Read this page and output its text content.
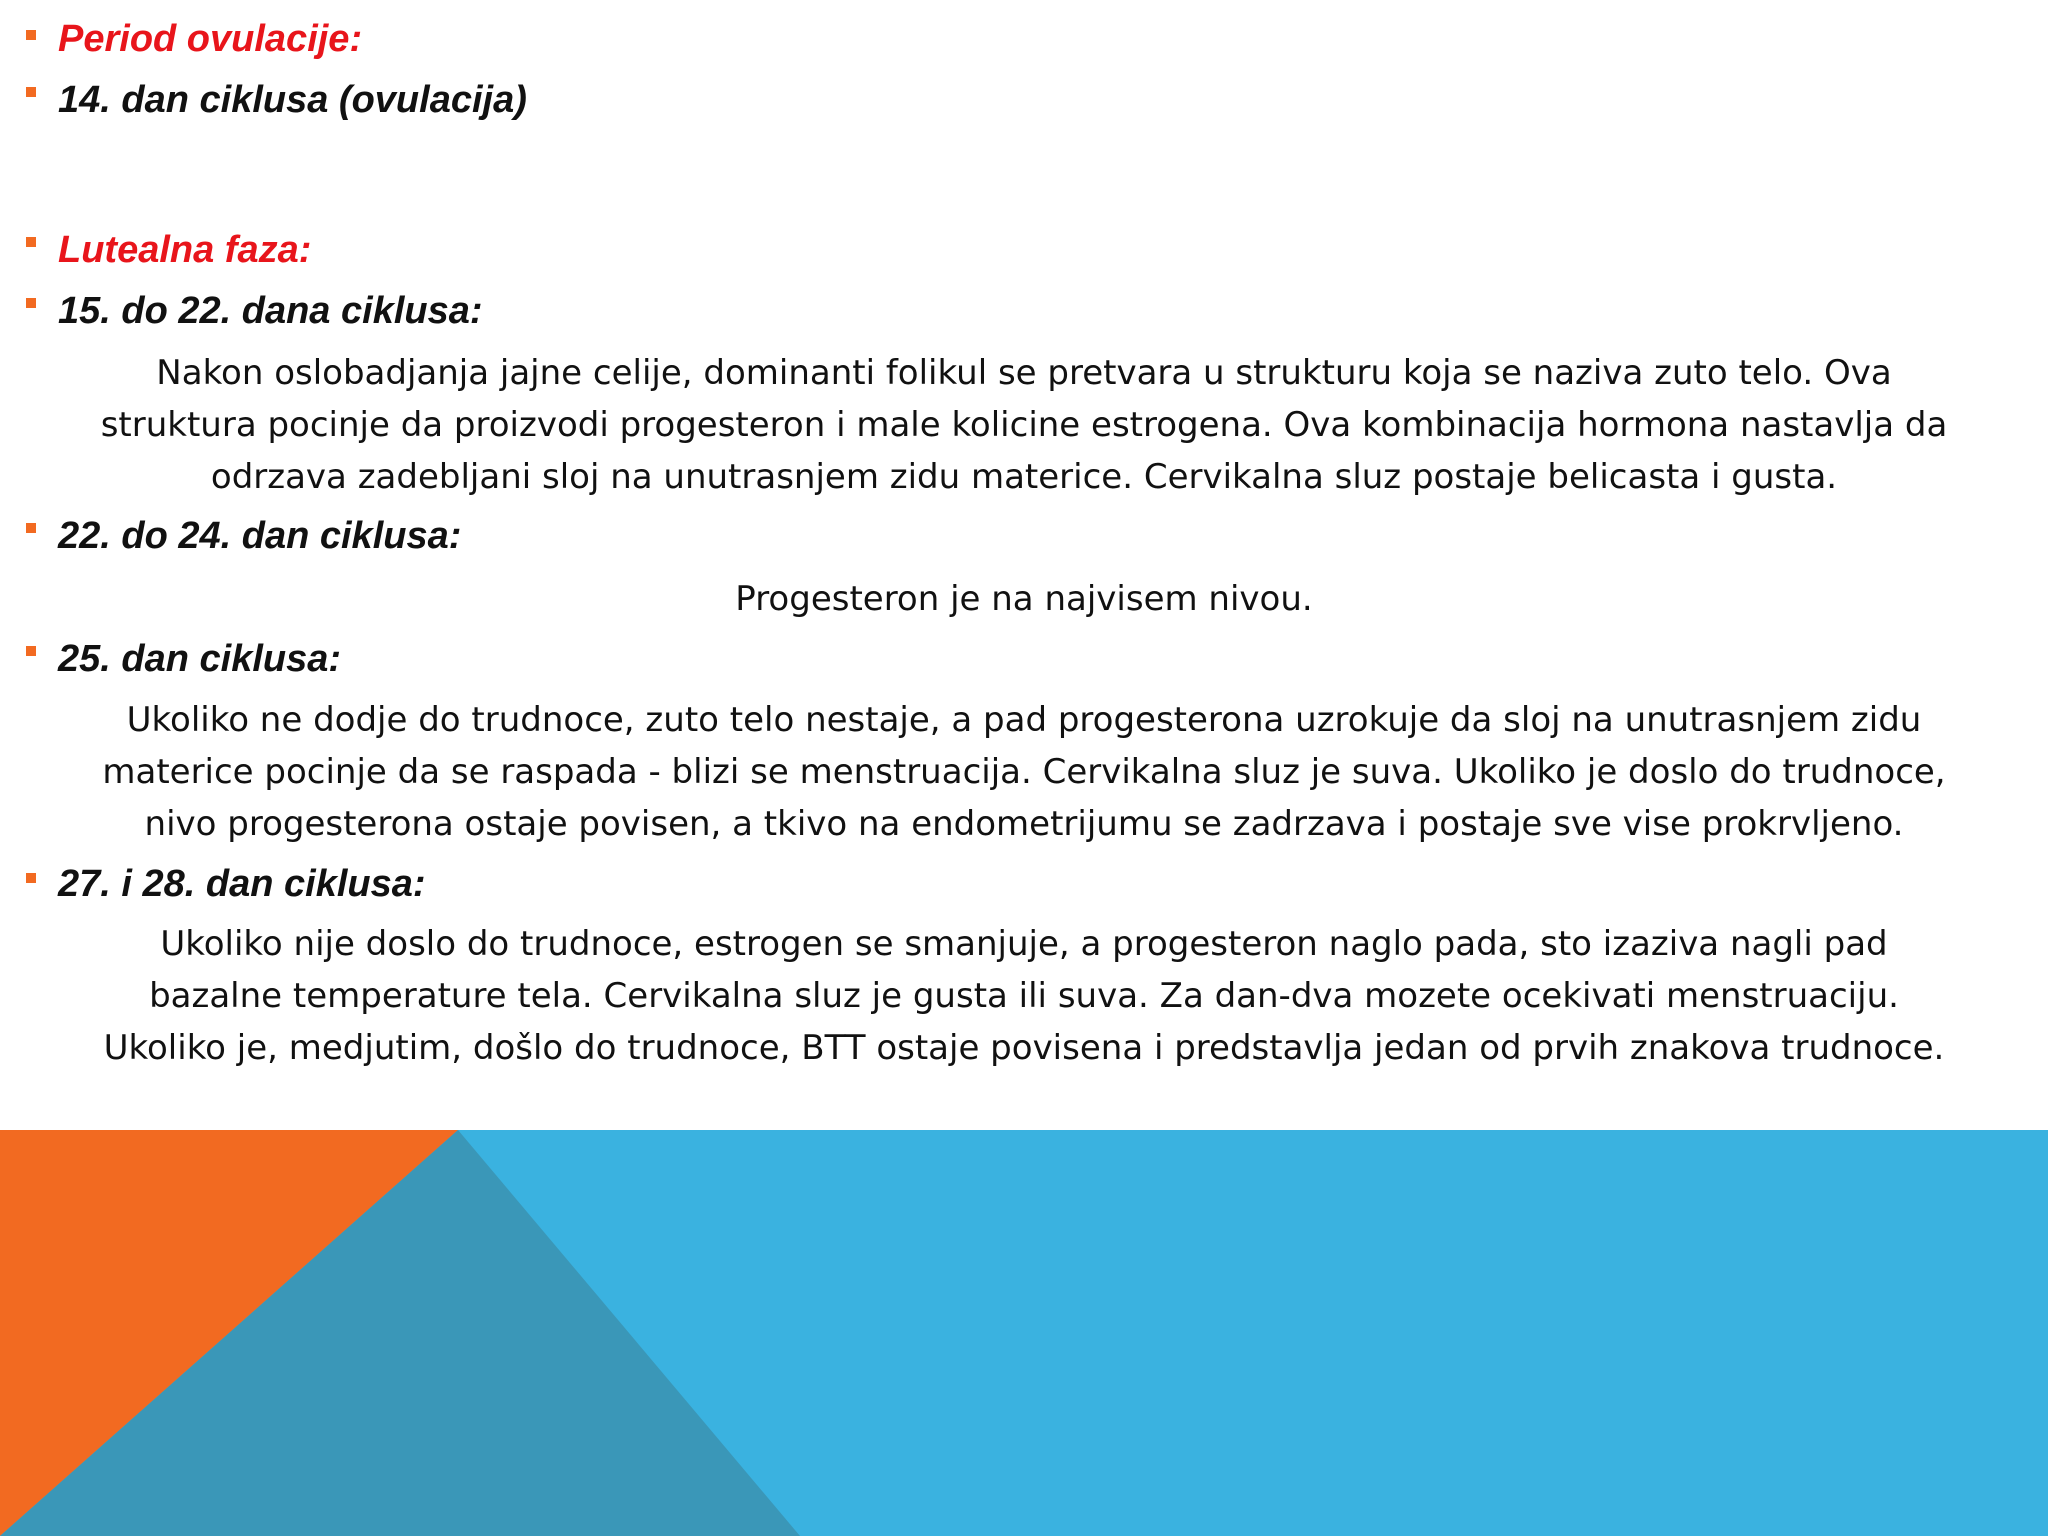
Period ovulacije:
14. dan ciklusa (ovulacija)
Lutealna faza:
15. do 22. dana ciklusa:

Nakon oslobadjanja jajne celije, dominanti folikul se pretvara u strukturu koja se naziva zuto telo. Ova
struktura pocinje da proizvodi progesteron i male kolicine estrogena. Ova kombinacija hormona nastavlja da
odrzava zadebljani sloj na unutrasnjem zidu materice. Cervikalna sluz postaje belicasta i gusta.

22. do 24. dan ciklusa:

Progesteron je na najvisem nivou.

25. dan ciklusa:

Ukoliko ne dodje do trudnoce, zuto telo nestaje, a pad progesterona uzrokuje da sloj na unutrasnjem zidu
materice pocinje da se raspada - blizi se menstruacija. Cervikalna sluz je suva. Ukoliko je doslo do trudnoce,
nivo progesterona ostaje povisen, a tkivo na endometrijumu se zadrzava i postaje sve vise prokrvljeno.

27. i 28. dan ciklusa:

Ukoliko nije doslo do trudnoce, estrogen se smanjuje, a progesteron naglo pada, sto izaziva nagli pad
bazalne temperature tela. Cervikalna sluz je gusta ili suva. Za dan-dva mozete ocekivati menstruaciju.
Ukoliko je, medjutim, došlo do trudnoce, BTT ostaje povisena i predstavlja jedan od prvih znakova trudnoce.
